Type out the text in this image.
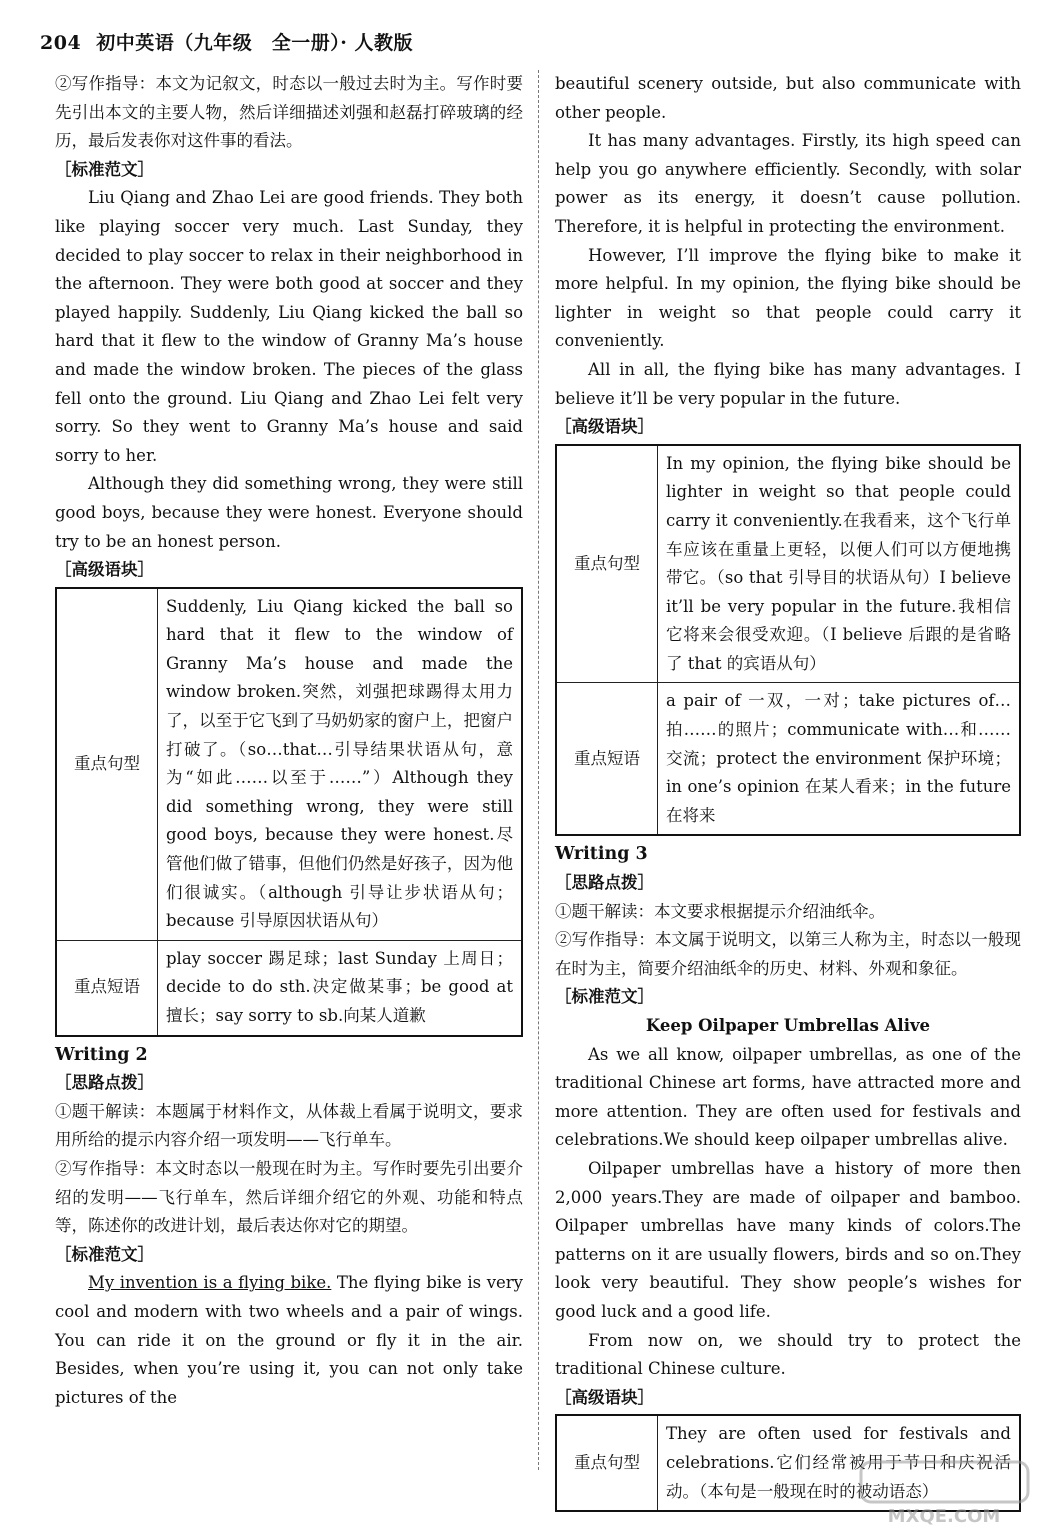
204 初中英语（九年级　全一册）· 人教版

②写作指导：本文为记叙文，时态以一般过去时为主。写作时要先引出本文的主要人物，然后详细描述刘强和赵磊打碎玻璃的经历，最后发表你对这件事的看法。

［标准范文］

Liu Qiang and Zhao Lei are good friends. They both like playing soccer very much. Last Sunday, they decided to play soccer to relax in their neighborhood in the afternoon. They were both good at soccer and they played happily. Suddenly, Liu Qiang kicked the ball so hard that it flew to the window of Granny Ma’s house and made the window broken. The pieces of the glass fell onto the ground. Liu Qiang and Zhao Lei felt very sorry. So they went to Granny Ma’s house and said sorry to her.

Although they did something wrong, they were still good boys, because they were honest. Everyone should try to be an honest person.

［高级语块］

重点句型	Suddenly, Liu Qiang kicked the ball so hard that it flew to the window of Granny Ma’s house and made the window broken.突然，刘强把球踢得太用力了，以至于它飞到了马奶奶家的窗户上，把窗户打破了。（so…that…引导结果状语从句，意为“如此……以至于……”）Although they did something wrong, they were still good boys, because they were honest.尽管他们做了错事，但他们仍然是好孩子，因为他们很诚实。（although 引导让步状语从句；because 引导原因状语从句）
重点短语	play soccer 踢足球；last Sunday 上周日；decide to do sth.决定做某事；be good at 擅长；say sorry to sb.向某人道歉

Writing 2

［思路点拨］

①题干解读：本题属于材料作文，从体裁上看属于说明文，要求用所给的提示内容介绍一项发明——飞行单车。

②写作指导：本文时态以一般现在时为主。写作时要先引出要介绍的发明——飞行单车，然后详细介绍它的外观、功能和特点等，陈述你的改进计划，最后表达你对它的期望。

［标准范文］

My invention is a flying bike. The flying bike is very cool and modern with two wheels and a pair of wings. You can ride it on the ground or fly it in the air. Besides, when you’re using it, you can not only take pictures of the

beautiful scenery outside, but also communicate with other people.

It has many advantages. Firstly, its high speed can help you go anywhere efficiently. Secondly, with solar power as its energy, it doesn’t cause pollution. Therefore, it is helpful in protecting the environment.

However, I’ll improve the flying bike to make it more helpful. In my opinion, the flying bike should be lighter in weight so that people could carry it conveniently.

All in all, the flying bike has many advantages. I believe it’ll be very popular in the future.

［高级语块］

重点句型	In my opinion, the flying bike should be lighter in weight so that people could carry it conveniently.在我看来，这个飞行单车应该在重量上更轻，以便人们可以方便地携带它。（so that 引导目的状语从句）I believe it’ll be very popular in the future.我相信它将来会很受欢迎。（I believe 后跟的是省略了 that 的宾语从句）
重点短语	a pair of 一双，一对；take pictures of…拍……的照片；communicate with…和……交流；protect the environment 保护环境；in one’s opinion 在某人看来；in the future 在将来

Writing 3

［思路点拨］

①题干解读：本文要求根据提示介绍油纸伞。

②写作指导：本文属于说明文，以第三人称为主，时态以一般现在时为主，简要介绍油纸伞的历史、材料、外观和象征。

［标准范文］

Keep Oilpaper Umbrellas Alive

As we all know, oilpaper umbrellas, as one of the traditional Chinese art forms, have attracted more and more attention. They are often used for festivals and celebrations.We should keep oilpaper umbrellas alive.

Oilpaper umbrellas have a history of more then 2,000 years.They are made of oilpaper and bamboo. Oilpaper umbrellas have many kinds of colors.The patterns on it are usually flowers, birds and so on.They look very beautiful. They show people’s wishes for good luck and a good life.

From now on, we should try to protect the traditional Chinese culture.

［高级语块］

重点句型	They are often used for festivals and celebrations.它们经常被用于节日和庆祝活动。（本句是一般现在时的被动语态）
MXQE.COM
